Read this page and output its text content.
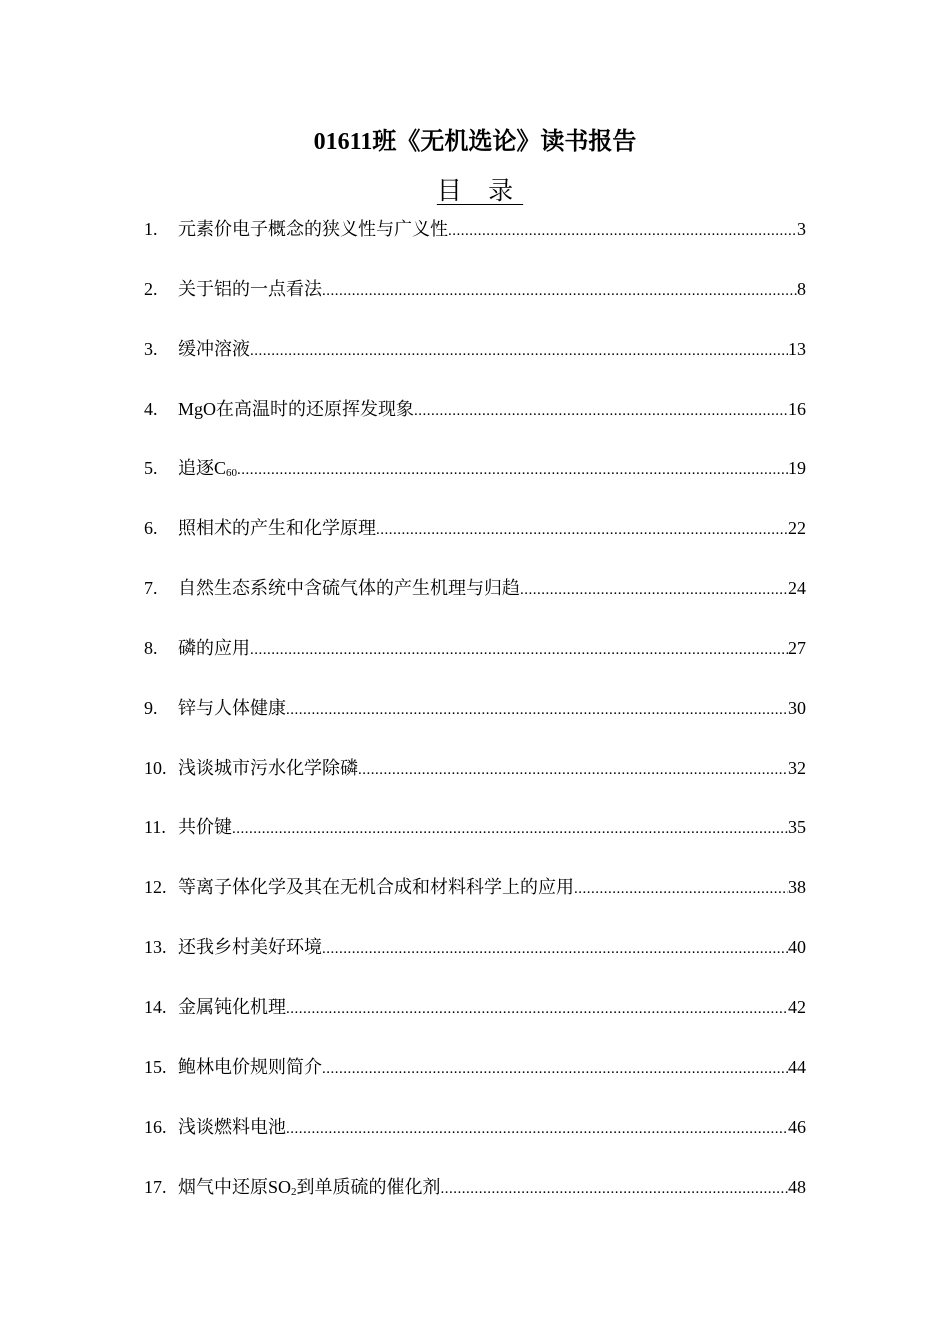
01611班《无机选论》读书报告
目 录
1.	元素价电子概念的狭义性与广义性 .....	3
2.	关于铝的一点看法 .....	8
3.	缓冲溶液 .....	13
4.	MgO在高温时的还原挥发现象 .....	16
5.	追逐$C_{60}$ .....	19
6.	照相术的产生和化学原理 .....	22
7.	自然生态系统中含硫气体的产生机理与归趋 .....	24
8.	磷的应用 .....	27
9.	锌与人体健康 .....	30
10. 浅谈城市污水化学除磷 .....	32
11. 共价键 .....	35
12. 等离子体化学及其在无机合成和材料科学上的应用 .....	38
13. 还我乡村美好环境 .....	40
14. 金属钝化机理 .....	42
15. 鲍林电价规则简介 .....	44
16. 浅谈燃料电池 .....	46
17. 烟气中还原$SO_2$到单质硫的催化剂 .....	48
